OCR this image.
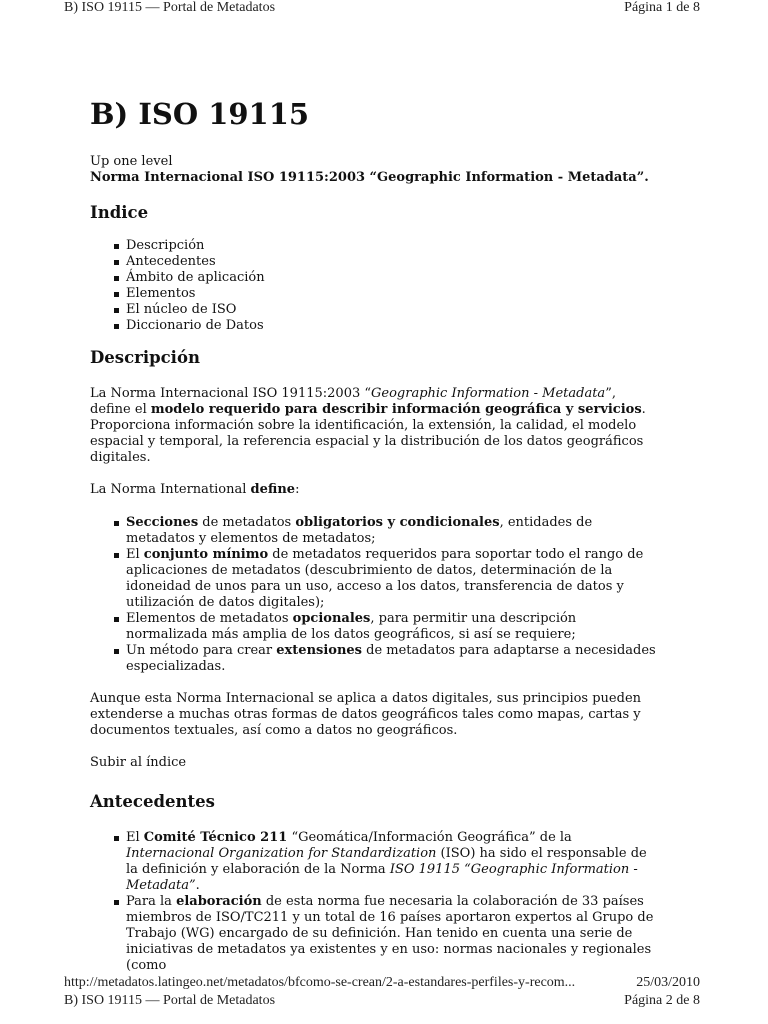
B) ISO 19115 — Portal de Metadatos	Página 1 de 8
B) ISO 19115

Up one level

Norma Internacional ISO 19115:2003 “Geographic Information - Metadata”.

Indice
Descripción
Antecedentes
Ámbito de aplicación
Elementos
El núcleo de ISO
Diccionario de Datos
Descripción

La Norma Internacional ISO 19115:2003 “Geographic Information - Metadata”, define el modelo requerido para describir información geográfica y servicios. Proporciona información sobre la identificación, la extensión, la calidad, el modelo espacial y temporal, la referencia espacial y la distribución de los datos geográficos digitales.

La Norma International define:

Secciones de metadatos obligatorios y condicionales, entidades de metadatos y elementos de metadatos;
El conjunto mínimo de metadatos requeridos para soportar todo el rango de aplicaciones de metadatos (descubrimiento de datos, determinación de la idoneidad de unos para un uso, acceso a los datos, transferencia de datos y utilización de datos digitales);
Elementos de metadatos opcionales, para permitir una descripción normalizada más amplia de los datos geográficos, si así se requiere;
Un método para crear extensiones de metadatos para adaptarse a necesidades especializadas.

Aunque esta Norma Internacional se aplica a datos digitales, sus principios pueden extenderse a muchas otras formas de datos geográficos tales como mapas, cartas y documentos textuales, así como a datos no geográficos.

Subir al índice

Antecedentes
El Comité Técnico 211 “Geomática/Información Geográfica” de la Internacional Organization for Standardization (ISO) ha sido el responsable de la definición y elaboración de la Norma ISO 19115 “Geographic Information -Metadata”.
Para la elaboración de esta norma fue necesaria la colaboración de 33 países miembros de ISO/TC211 y un total de 16 países aportaron expertos al Grupo de Trabajo (WG) encargado de su definición. Han tenido en cuenta una serie de iniciativas de metadatos ya existentes y en uso: normas nacionales y regionales (como
http://metadatos.latingeo.net/metadatos/bfcomo-se-crean/2-a-estandares-perfiles-y-recom...	25/03/2010
B) ISO 19115 — Portal de Metadatos	Página 2 de 8
